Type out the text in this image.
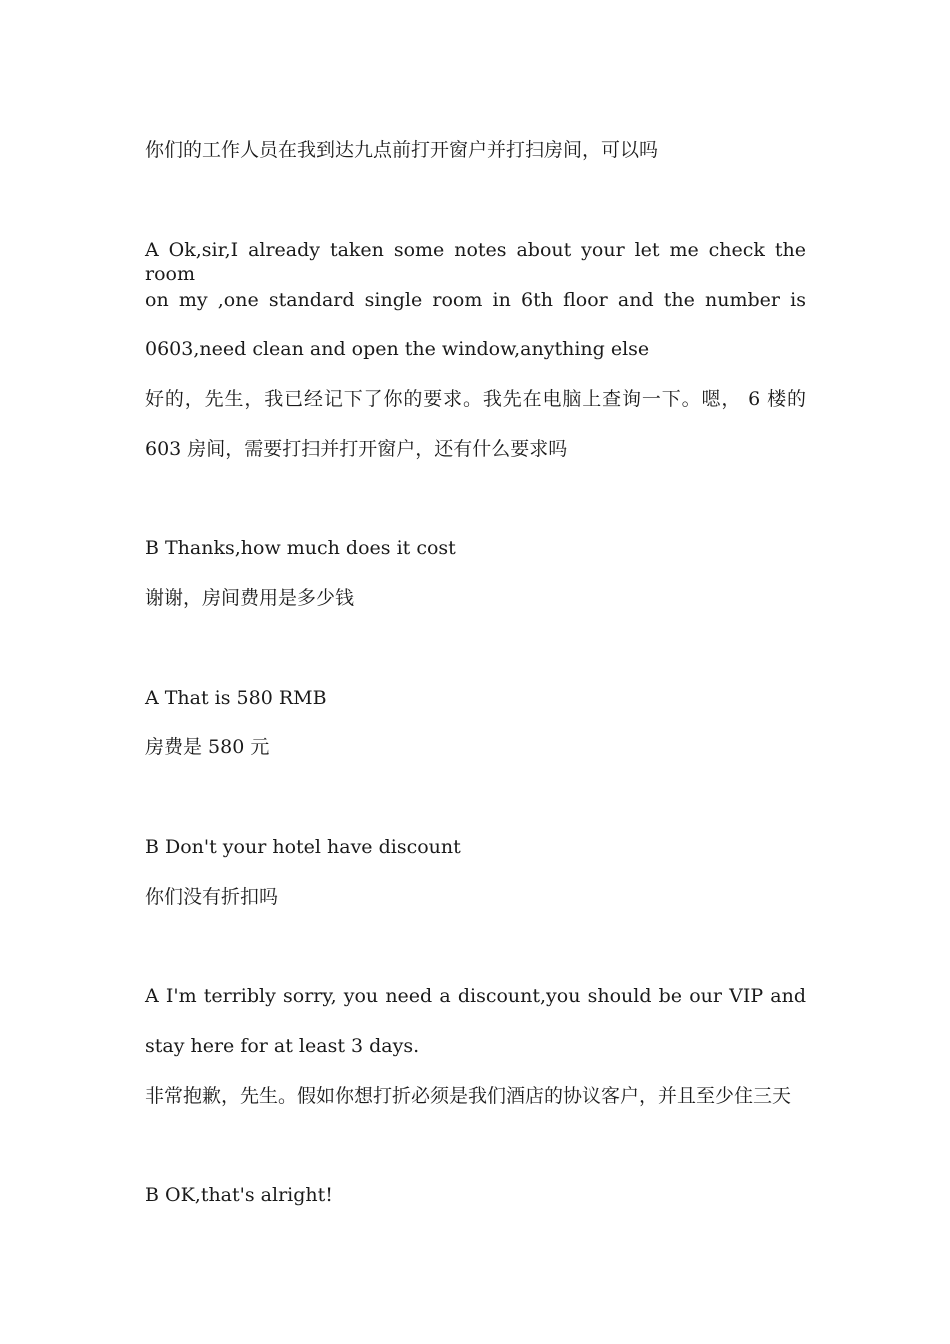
你们的工作人员在我到达九点前打开窗户并打扫房间，可以吗
A Ok,sir,I already taken some notes about your let me check the room
on my ,one standard single room in 6th floor and the number is
0603,need clean and open the window,anything else
好的，先生，我已经记下了你的要求。我先在电脑上查询一下。嗯， 6 楼的
603 房间，需要打扫并打开窗户，还有什么要求吗
B Thanks,how much does it cost
谢谢，房间费用是多少钱
A That is 580 RMB
房费是 580 元
B Don't your hotel have discount
你们没有折扣吗
A I'm terribly sorry, you need a discount,you should be our VIP and
stay here for at least 3 days.
非常抱歉，先生。假如你想打折必须是我们酒店的协议客户，并且至少住三天
B OK,that's alright!
